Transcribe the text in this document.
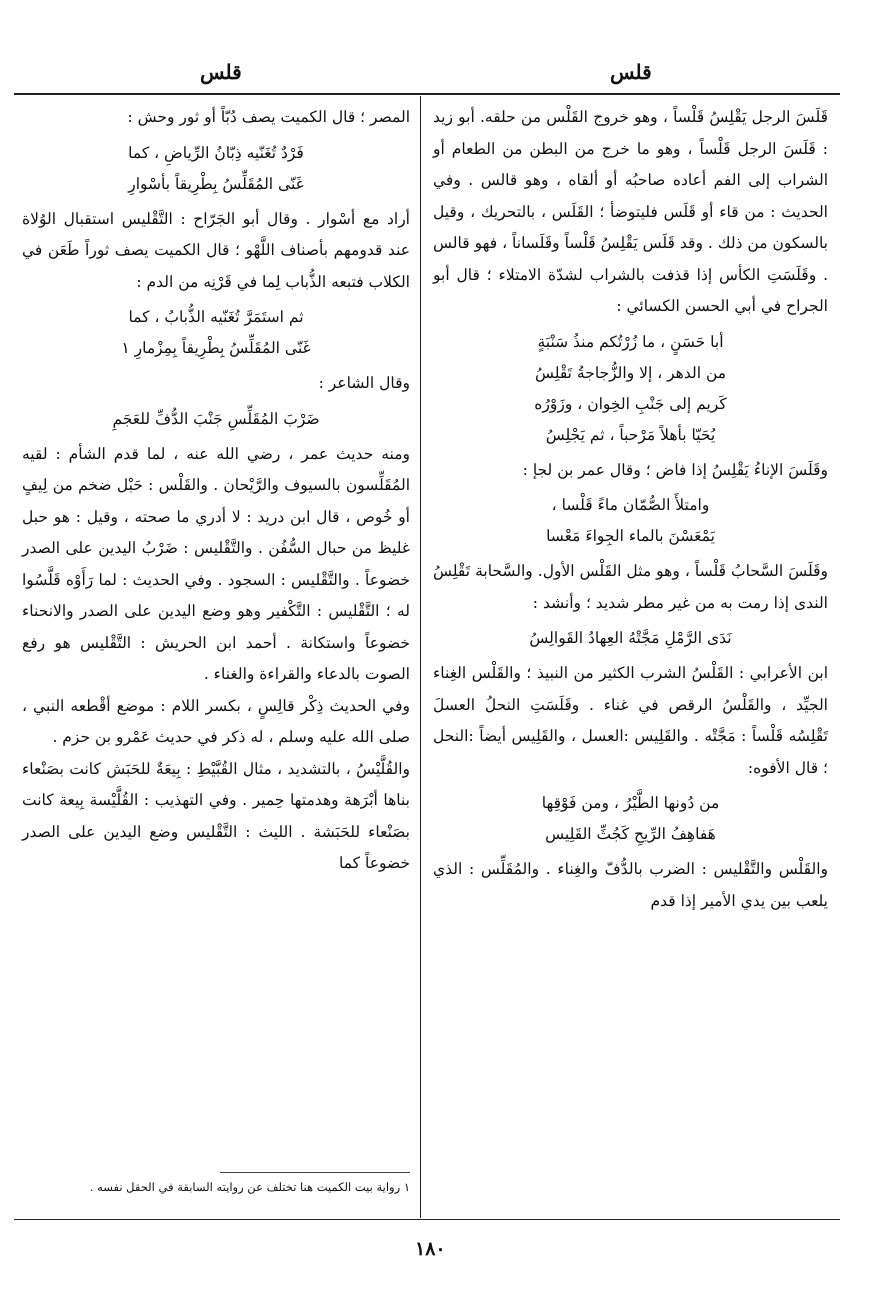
قلس
قلس

قَلَسَ الرجل يَقْلِسُ قَلْساً ، وهو خروج القَلْس من حلقه. أبو زيد : قَلَسَ الرجل قَلْساً ، وهو ما خرج من البطن من الطعام أو الشراب إلى الفم أعاده صاحبُه أو ألقاه ، وهو قالس . وفي الحديث : من قاء أو قَلَس فليتوضأ ؛ القَلَس ، بالتحريك ، وقيل بالسكون من ذلك . وقد قَلَس يَقْلِسُ قَلْساً وقَلَساناً ، فهو قالس . وقَلَسَتِ الكأس إذا قذفت بالشراب لشدّة الامتلاء ؛ قال أبو الجراح في أبي الحسن الكسائي :

أبا حَسَنٍ ، ما زُرْتُكم منذُ سَنْبَةٍ
من الدهر ، إلا والزُّجاجةُ تَقْلِسُ
كَريم إلى جَنْبِ الخِوان ، وزَوْرُه
يُحَيّا بأهلاً مَرْحباً ، ثم يَجْلِسُ

وقَلَسَ الإناءُ يَقْلِسُ إذا فاض ؛ وقال عمر بن لجإ :

وامتلأَ الصُّمّان ماءً قَلْسا ،
يَمْعَسْنَ بالماء الجِواءَ مَعْسا

وقَلَسَ السَّحابُ قَلْساً ، وهو مثل القَلْس الأول. والسَّحابة تَقْلِسُ الندى إذا رمت به من غير مطر شديد ؛ وأنشد :

نَدَى الرَّمْلِ مَجَّتْهُ العِهادُ القَوالِسُ

ابن الأعرابي : القَلْسُ الشرب الكثير من النبيذ ؛ والقَلْس الغِناء الجيِّد ، والقَلْسُ الرقص في غناء . وقَلَسَتِ النحلُ العسلَ تَقْلِسُه قَلْساً : مَجَّتْه . والقَلِيس :العسل ، والقَلِيس أيضاً :النحل ؛ قال الأفوه:

من دُونها الطَّيْرُ ، ومن فَوْقِها
هَفاهِفُ الرِّيحِ كَجُثِّ القَلِيس

والقَلْس والتَّقْليس : الضرب بالدُّفّ والغِناء . والمُقَلِّس : الذي يلعب بين يدي الأمير إذا قدم

المصر ؛ قال الكميت يصف دُبّاً أو ثور وحش :

فَرْدٌ تُغَنّيه ذِبّانُ الرِّياضِ ، كما
غَنّى المُقَلِّسُ بِطْرِيقاً بأسْوارِ

أراد مع أسْوار . وقال أبو الجَرّاح : التَّقْليس استقبال الوُلاة عند قدومهم بأصناف اللَّهْو ؛ قال الكميت يصف ثوراً طَعَن في الكلاب فتبعه الذُّباب لِما في قَرْنِه من الدم :

ثم استَمَرَّ تُغَنّيه الذُّبابُ ، كما
غَنّى المُقَلِّسُ بِطْرِيقاً بِمِزْمارِ ١

وقال الشاعر :

ضَرْبَ المُقَلِّسِ جَنْبَ الدُّفِّ للعَجَمِ

ومنه حديث عمر ، رضي الله عنه ، لما قدم الشأم : لقيه المُقَلِّسون بالسيوف والرَّيْحان . والقَلْس : حَبْل ضخم من لِيفٍ أو خُوص ، قال ابن دريد : لا أدري ما صحته ، وقيل : هو حبل غليظ من حبال السُّفُن . والتَّقْليس : ضَرْبُ اليدين على الصدر خضوعاً . والتَّقْليس : السجود . وفي الحديث : لما رَأَوْه قَلَّسُوا له ؛ التَّقْليس : التَّكْفير وهو وضع اليدين على الصدر والانحناء خضوعاً واستكانة . أحمد ابن الحريش : التَّقْليس هو رفع الصوت بالدعاء والقراءة والغناء .

وفي الحديث ذِكْر قالِسٍ ، بكسر اللام : موضع أقْطعه النبي ، صلى الله عليه وسلم ، له ذكر في حديث عَمْرو بن حزم .

والقُلَّيْسُ ، بالتشديد ، مثال القُبَّيْطِ : بِيعَةٌ للحَبَش كانت بصَنْعاء بناها أبْرَهة وهدمتها حِمير . وفي التهذيب : القُلَّيْسة بِيعة كانت بصَنْعاء للحَبَشة . الليث : التَّقْليس وضع اليدين على الصدر خضوعاً كما

١ رواية بيت الكميت هنا تختلف عن روايته السابقة في الحقل نفسه .
١٨٠
